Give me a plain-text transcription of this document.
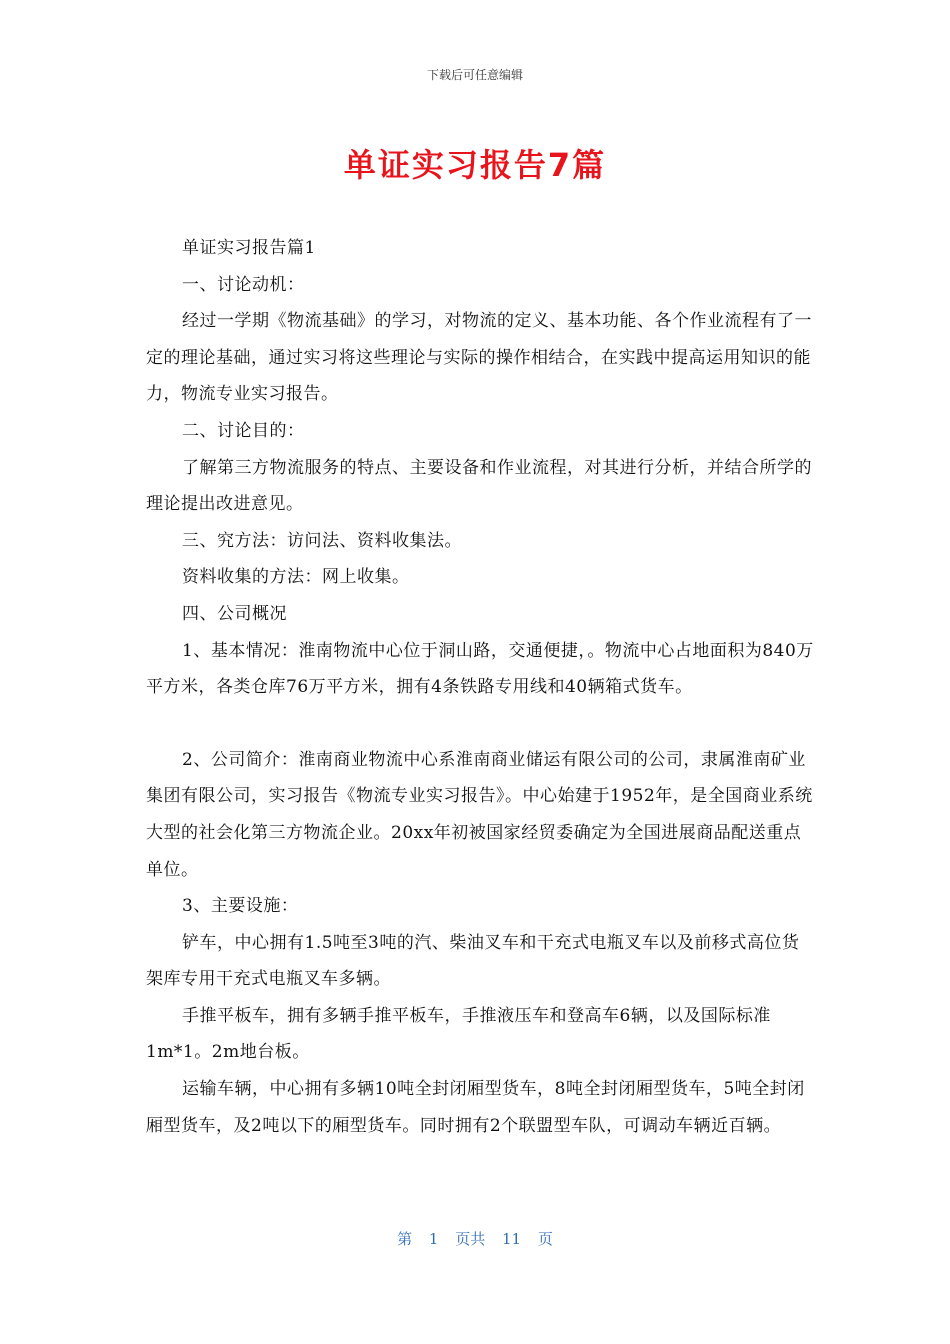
下载后可任意编辑
单证实习报告7篇

单证实习报告篇1

一、讨论动机：

经过一学期《物流基础》的学习，对物流的定义、基本功能、各个作业流程有了一定的理论基础，通过实习将这些理论与实际的操作相结合，在实践中提高运用知识的能力，物流专业实习报告。

二、讨论目的：

了解第三方物流服务的特点、主要设备和作业流程，对其进行分析，并结合所学的理论提出改进意见。

三、究方法：访问法、资料收集法。

资料收集的方法：网上收集。

四、公司概况

1、基本情况：淮南物流中心位于洞山路，交通便捷，。物流中心占地面积为840万平方米，各类仓库76万平方米，拥有4条铁路专用线和40辆箱式货车。

2、公司简介：淮南商业物流中心系淮南商业储运有限公司的公司，隶属淮南矿业集团有限公司，实习报告《物流专业实习报告》。中心始建于1952年，是全国商业系统大型的社会化第三方物流企业。20xx年初被国家经贸委确定为全国进展商品配送重点单位。

3、主要设施：

铲车，中心拥有1.5吨至3吨的汽、柴油叉车和干充式电瓶叉车以及前移式高位货架库专用干充式电瓶叉车多辆。

手推平板车，拥有多辆手推平板车，手推液压车和登高车6辆，以及国际标准1m*1。2m地台板。

运输车辆，中心拥有多辆10吨全封闭厢型货车，8吨全封闭厢型货车，5吨全封闭厢型货车，及2吨以下的厢型货车。同时拥有2个联盟型车队，可调动车辆近百辆。

第 1 页共 11 页
